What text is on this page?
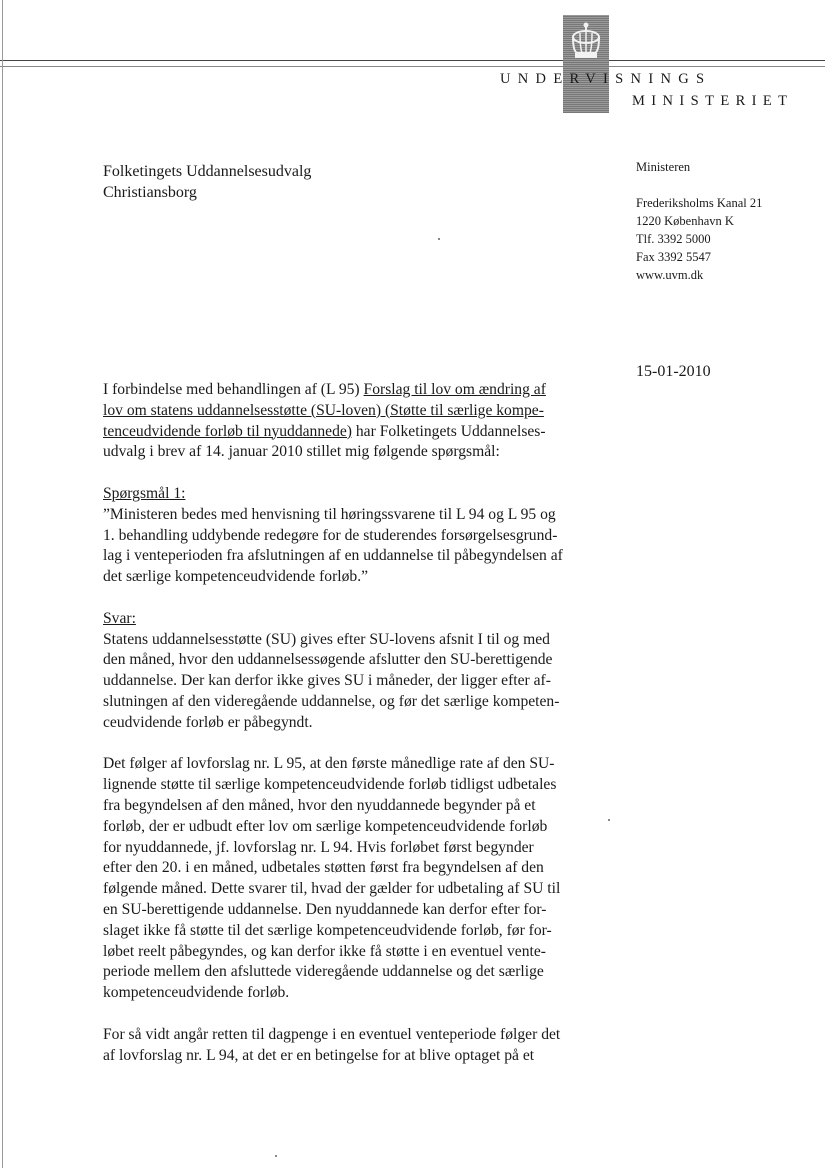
UNDERVISNINGS
MINISTERIET
Folketingets Uddannelsesudvalg
Christiansborg
Ministeren
Frederiksholms Kanal 21
1220 København K
Tlf. 3392 5000
Fax 3392 5547
www.uvm.dk
15-01-2010

I forbindelse med behandlingen af (L 95) Forslag til lov om ændring af
lov om statens uddannelsesstøtte (SU-loven) (Støtte til særlige kompe-
tenceudvidende forløb til nyuddannede) har Folketingets Uddannelses-
udvalg i brev af 14. januar 2010 stillet mig følgende spørgsmål:

Spørgsmål 1:
”Ministeren bedes med henvisning til høringssvarene til L 94 og L 95 og
1. behandling uddybende redegøre for de studerendes forsørgelsesgrund-
lag i venteperioden fra afslutningen af en uddannelse til påbegyndelsen af
det særlige kompetenceudvidende forløb.”

Svar:
Statens uddannelsesstøtte (SU) gives efter SU-lovens afsnit I til og med
den måned, hvor den uddannelsessøgende afslutter den SU-berettigende
uddannelse. Der kan derfor ikke gives SU i måneder, der ligger efter af-
slutningen af den videregående uddannelse, og før det særlige kompeten-
ceudvidende forløb er påbegyndt.

Det følger af lovforslag nr. L 95, at den første månedlige rate af den SU-
lignende støtte til særlige kompetenceudvidende forløb tidligst udbetales
fra begyndelsen af den måned, hvor den nyuddannede begynder på et
forløb, der er udbudt efter lov om særlige kompetenceudvidende forløb
for nyuddannede, jf. lovforslag nr. L 94. Hvis forløbet først begynder
efter den 20. i en måned, udbetales støtten først fra begyndelsen af den
følgende måned. Dette svarer til, hvad der gælder for udbetaling af SU til
en SU-berettigende uddannelse. Den nyuddannede kan derfor efter for-
slaget ikke få støtte til det særlige kompetenceudvidende forløb, før for-
løbet reelt påbegyndes, og kan derfor ikke få støtte i en eventuel vente-
periode mellem den afsluttede videregående uddannelse og det særlige
kompetenceudvidende forløb.

For så vidt angår retten til dagpenge i en eventuel venteperiode følger det
af lovforslag nr. L 94, at det er en betingelse for at blive optaget på et
